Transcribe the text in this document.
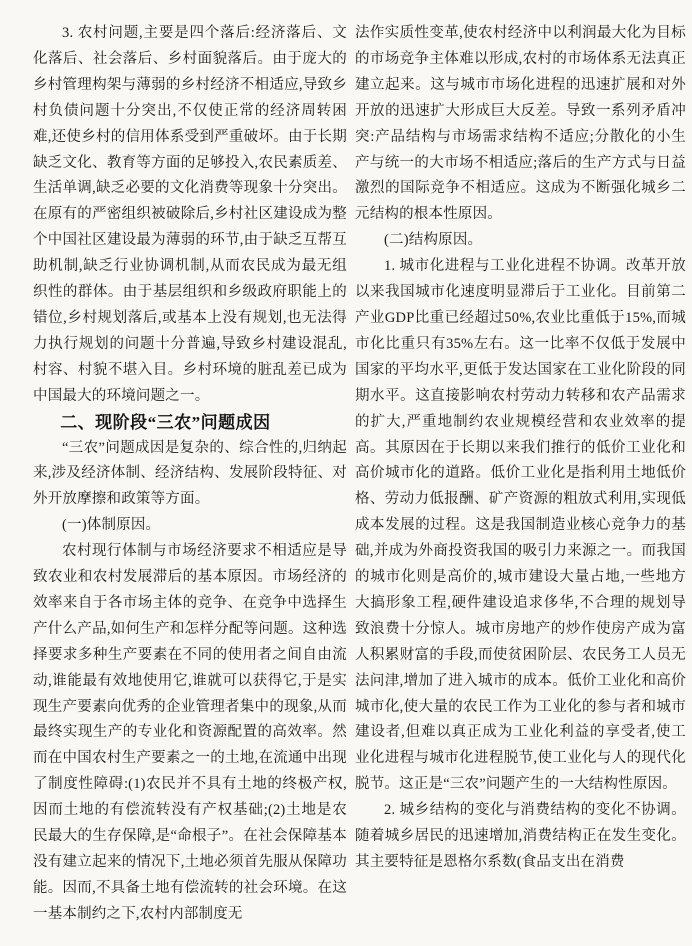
3. 农村问题,主要是四个落后:经济落后、文化落后、社会落后、乡村面貌落后。由于庞大的乡村管理构架与薄弱的乡村经济不相适应,导致乡村负债问题十分突出,不仅使正常的经济周转困难,还使乡村的信用体系受到严重破坏。由于长期缺乏文化、教育等方面的足够投入,农民素质差、生活单调,缺乏必要的文化消费等现象十分突出。在原有的严密组织被破除后,乡村社区建设成为整个中国社区建设最为薄弱的环节,由于缺乏互帮互助机制,缺乏行业协调机制,从而农民成为最无组织性的群体。由于基层组织和乡级政府职能上的错位,乡村规划落后,或基本上没有规划,也无法得力执行规划的问题十分普遍,导致乡村建设混乱,村容、村貌不堪入目。乡村环境的脏乱差已成为中国最大的环境问题之一。

二、现阶段“三农”问题成因

“三农”问题成因是复杂的、综合性的,归纳起来,涉及经济体制、经济结构、发展阶段特征、对外开放摩擦和政策等方面。

(一)体制原因。

农村现行体制与市场经济要求不相适应是导致农业和农村发展滞后的基本原因。市场经济的效率来自于各市场主体的竞争、在竞争中选择生产什么产品,如何生产和怎样分配等问题。这种选择要求多种生产要素在不同的使用者之间自由流动,谁能最有效地使用它,谁就可以获得它,于是实现生产要素向优秀的企业管理者集中的现象,从而最终实现生产的专业化和资源配置的高效率。然而在中国农村生产要素之一的土地,在流通中出现了制度性障碍:(1)农民并不具有土地的终极产权,因而土地的有偿流转没有产权基础;(2)土地是农民最大的生存保障,是“命根子”。在社会保障基本没有建立起来的情况下,土地必须首先服从保障功能。因而,不具备土地有偿流转的社会环境。在这一基本制约之下,农村内部制度无

法作实质性变革,使农村经济中以利润最大化为目标的市场竞争主体难以形成,农村的市场体系无法真正建立起来。这与城市市场化进程的迅速扩展和对外开放的迅速扩大形成巨大反差。导致一系列矛盾冲突:产品结构与市场需求结构不适应;分散化的小生产与统一的大市场不相适应;落后的生产方式与日益激烈的国际竞争不相适应。这成为不断强化城乡二元结构的根本性原因。

(二)结构原因。

1. 城市化进程与工业化进程不协调。改革开放以来我国城市化速度明显滞后于工业化。目前第二产业GDP比重已经超过50%,农业比重低于15%,而城市化比重只有35%左右。这一比率不仅低于发展中国家的平均水平,更低于发达国家在工业化阶段的同期水平。这直接影响农村劳动力转移和农产品需求的扩大,严重地制约农业规模经营和农业效率的提高。其原因在于长期以来我们推行的低价工业化和高价城市化的道路。低价工业化是指利用土地低价格、劳动力低报酬、矿产资源的粗放式利用,实现低成本发展的过程。这是我国制造业核心竞争力的基础,并成为外商投资我国的吸引力来源之一。而我国的城市化则是高价的,城市建设大量占地,一些地方大搞形象工程,硬件建设追求侈华,不合理的规划导致浪费十分惊人。城市房地产的炒作使房产成为富人积累财富的手段,而使贫困阶层、农民务工人员无法问津,增加了进入城市的成本。低价工业化和高价城市化,使大量的农民工作为工业化的参与者和城市建设者,但难以真正成为工业化利益的享受者,使工业化进程与城市化进程脱节,使工业化与人的现代化脱节。这正是“三农”问题产生的一大结构性原因。

2. 城乡结构的变化与消费结构的变化不协调。随着城乡居民的迅速增加,消费结构正在发生变化。其主要特征是恩格尔系数(食品支出在消费
